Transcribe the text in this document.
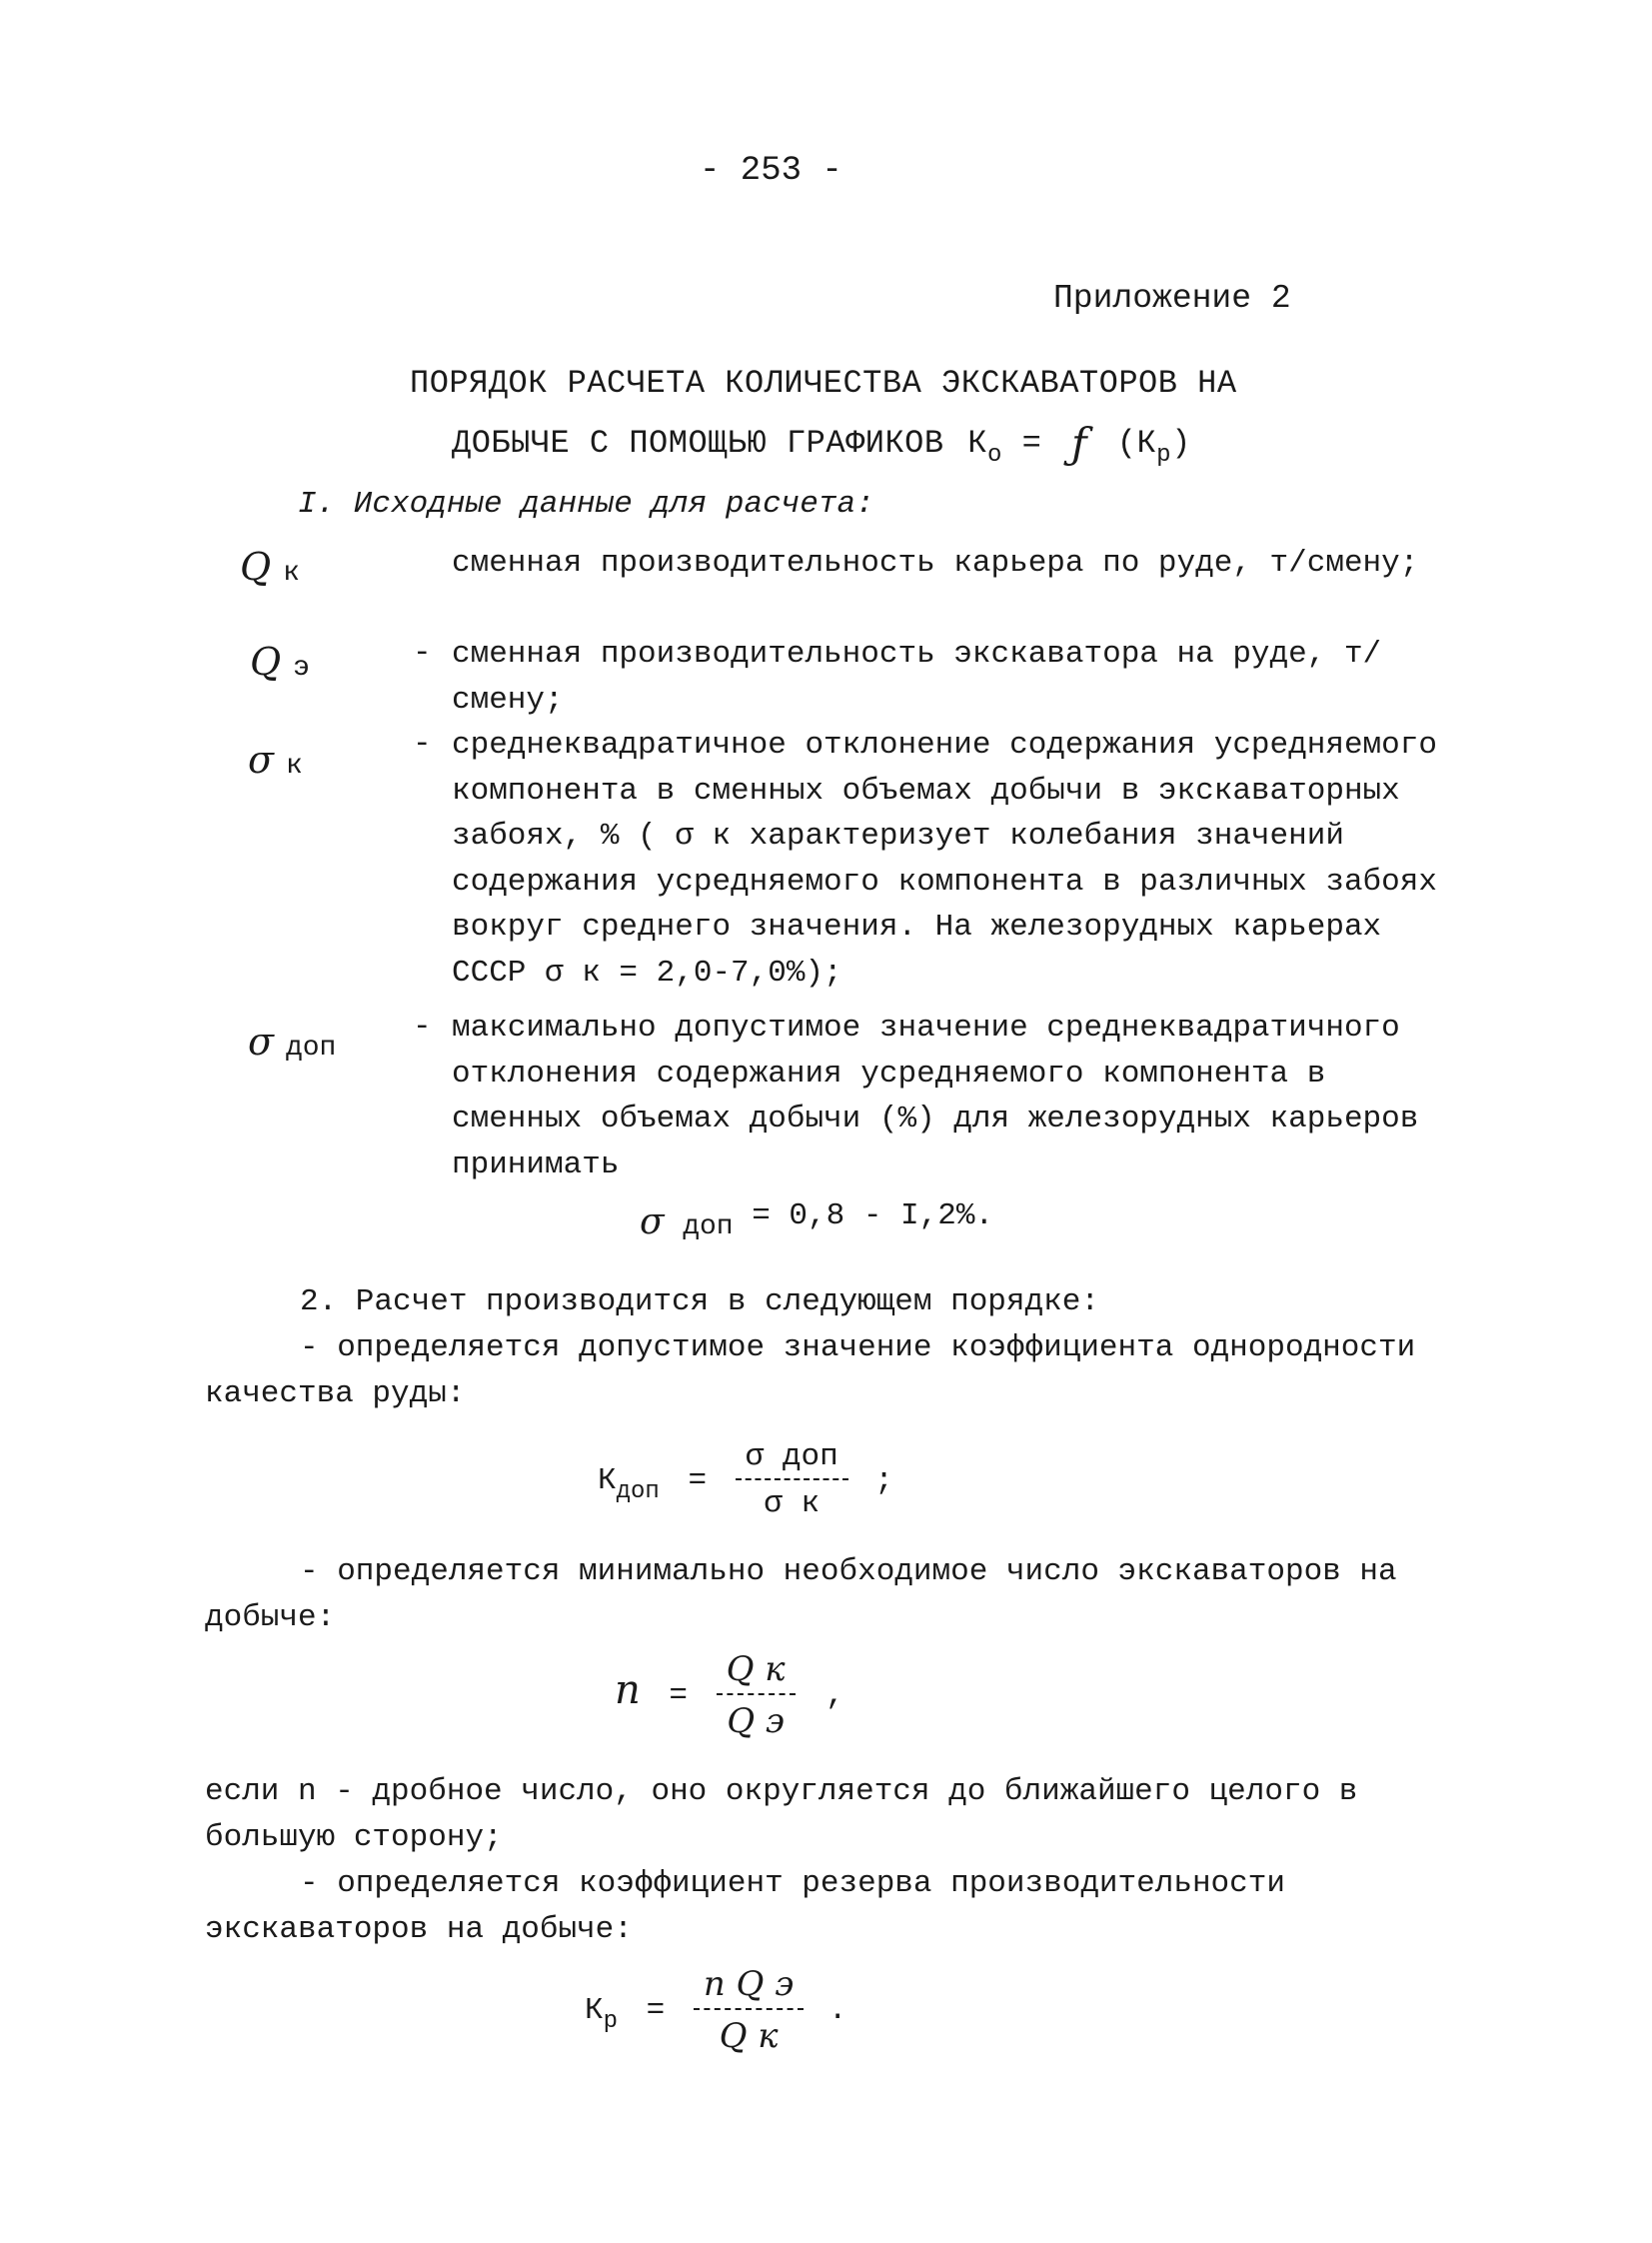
- 253 -
Приложение 2
ПОРЯДОК РАСЧЕТА КОЛИЧЕСТВА ЭКСКАВАТОРОВ НА
ДОБЫЧЕ С ПОМОЩЬЮ ГРАФИКОВ $К_о$ = ƒ $(К_р)$
I. Исходные данные для расчета:
Q к	сменная производительность карьера по руде, т/смену;
Q э	- сменная производительность экскаватора на руде, т/смену;
σ к
- среднеквадратичное отклонение содержания усредняемого компонента в сменных объемах добычи в экскаваторных забоях, % ( σ к характеризует колебания значений содержания усредняемого компонента в различных забоях вокруг среднего значения. На железорудных карьерах СССР σ к = 2,0-7,0%);
σ доп
- максимально допустимое значение среднеквадратичного отклонения содержания усредняемого компонента в сменных объемах добычи (%) для железорудных карьеров принимать
σ доп = 0,8 - I,2%.
2. Расчет производится в следующем порядке:
- определяется допустимое значение коэффициента однородности качества руды:
$К_{доп} = \frac{\text{σ доп}}{\text{σ к}}$ ;
- определяется минимально необходимое число экскаваторов на добыче:
$n = \frac{\text{Q к}}{\text{Q э}}$ ,
если n - дробное число, оно округляется до ближайшего целого в большую сторону;
- определяется коэффициент резерва производительности экскаваторов на добыче:
$К_р = \frac{\text{n Q э}}{\text{Q к}}$ .
